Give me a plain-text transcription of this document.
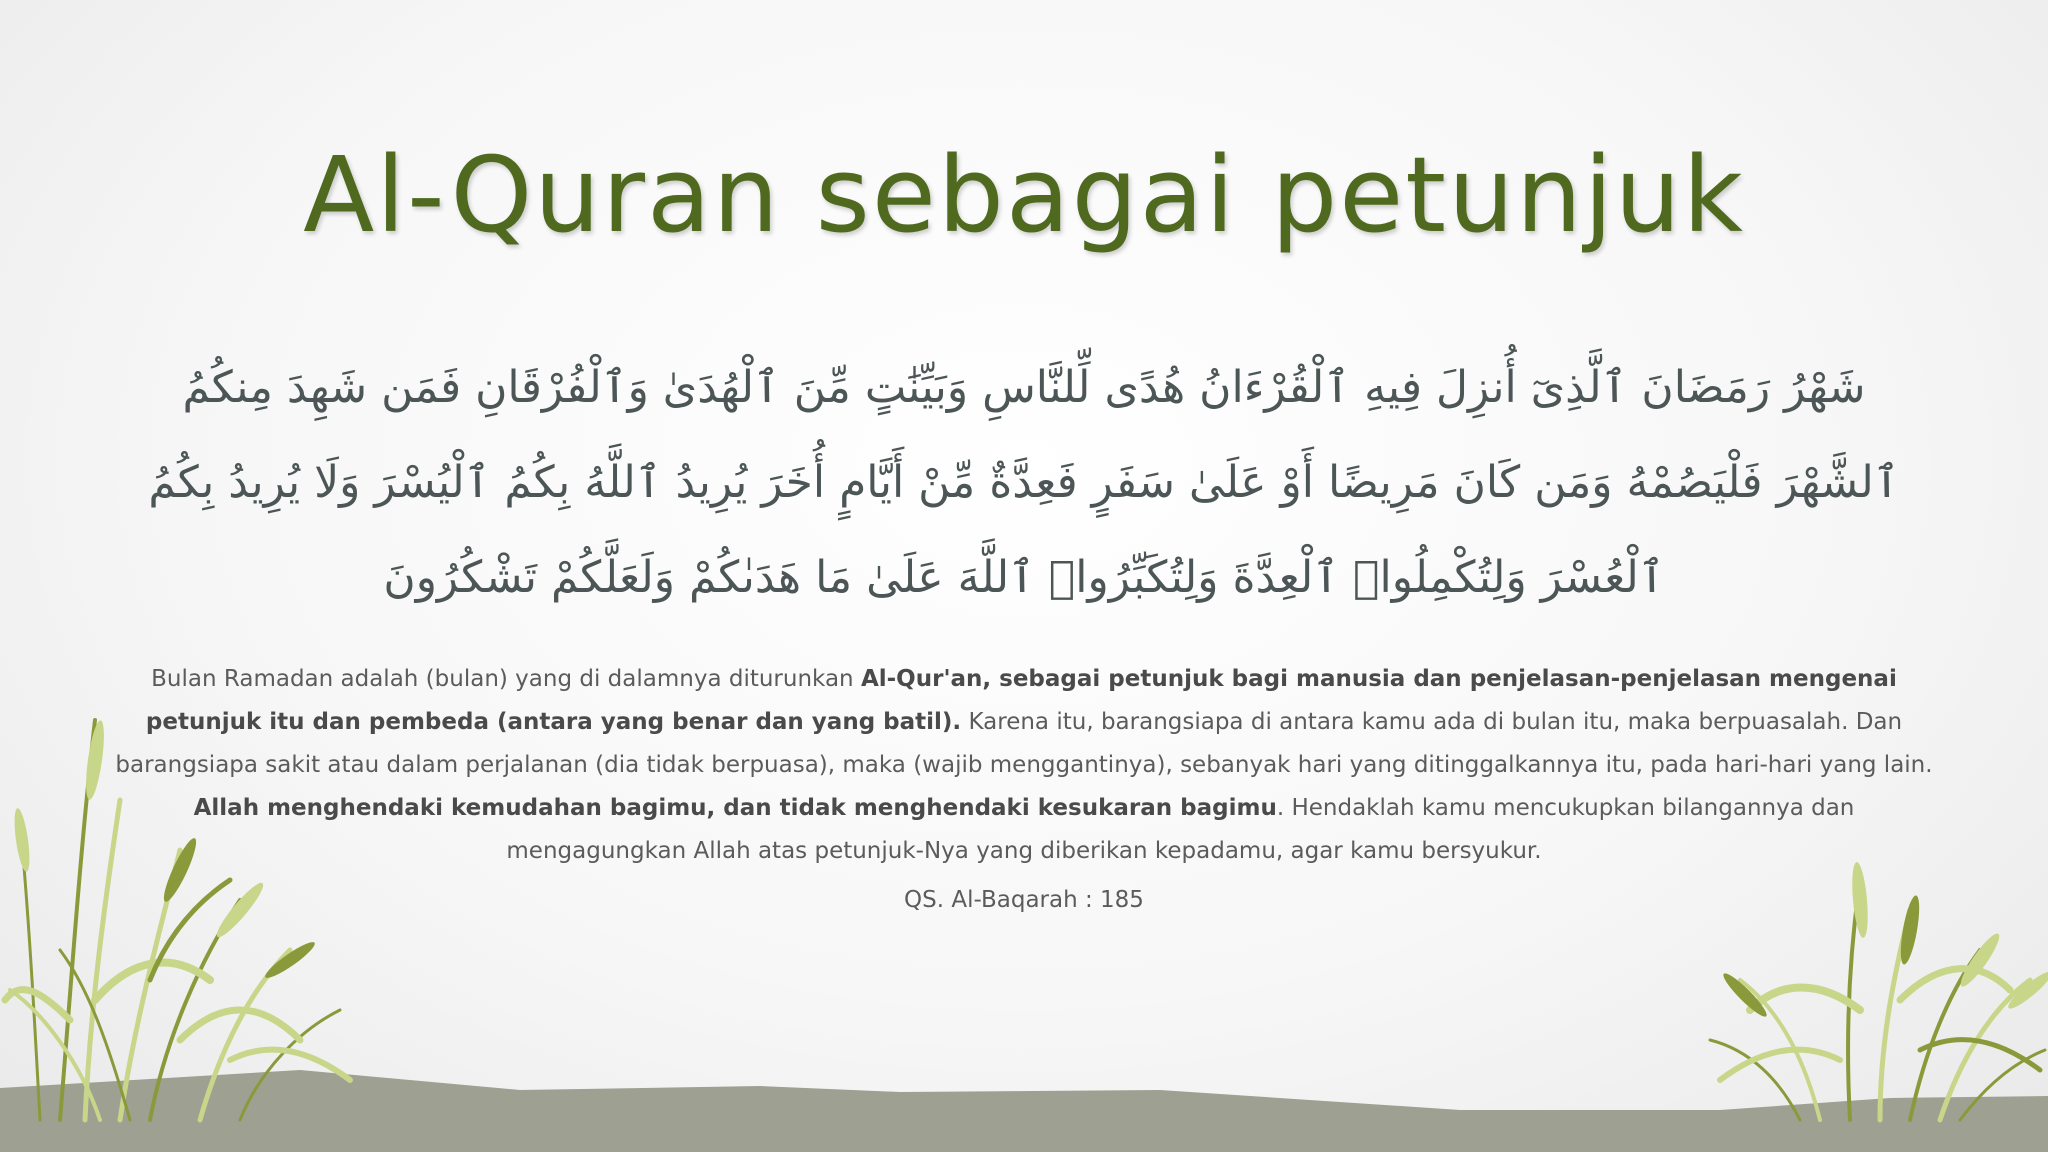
Al-Quran sebagai petunjuk
شَهْرُ رَمَضَانَ ٱلَّذِىٓ أُنزِلَ فِيهِ ٱلْقُرْءَانُ هُدًى لِّلنَّاسِ وَبَيِّنَٰتٍ مِّنَ ٱلْهُدَىٰ وَٱلْفُرْقَانِ فَمَن شَهِدَ مِنكُمُ ٱلشَّهْرَ فَلْيَصُمْهُ وَمَن كَانَ مَرِيضًا أَوْ عَلَىٰ سَفَرٍ فَعِدَّةٌ مِّنْ أَيَّامٍ أُخَرَ يُرِيدُ ٱللَّهُ بِكُمُ ٱلْيُسْرَ وَلَا يُرِيدُ بِكُمُ ٱلْعُسْرَ وَلِتُكْمِلُوا۟ ٱلْعِدَّةَ وَلِتُكَبِّرُوا۟ ٱللَّهَ عَلَىٰ مَا هَدَىٰكُمْ وَلَعَلَّكُمْ تَشْكُرُونَ
Bulan Ramadan adalah (bulan) yang di dalamnya diturunkan Al-Qur'an, sebagai petunjuk bagi manusia dan penjelasan-penjelasan mengenai petunjuk itu dan pembeda (antara yang benar dan yang batil). Karena itu, barangsiapa di antara kamu ada di bulan itu, maka berpuasalah. Dan barangsiapa sakit atau dalam perjalanan (dia tidak berpuasa), maka (wajib menggantinya), sebanyak hari yang ditinggalkannya itu, pada hari-hari yang lain. Allah menghendaki kemudahan bagimu, dan tidak menghendaki kesukaran bagimu. Hendaklah kamu mencukupkan bilangannya dan mengagungkan Allah atas petunjuk-Nya yang diberikan kepadamu, agar kamu bersyukur.
QS. Al-Baqarah : 185
